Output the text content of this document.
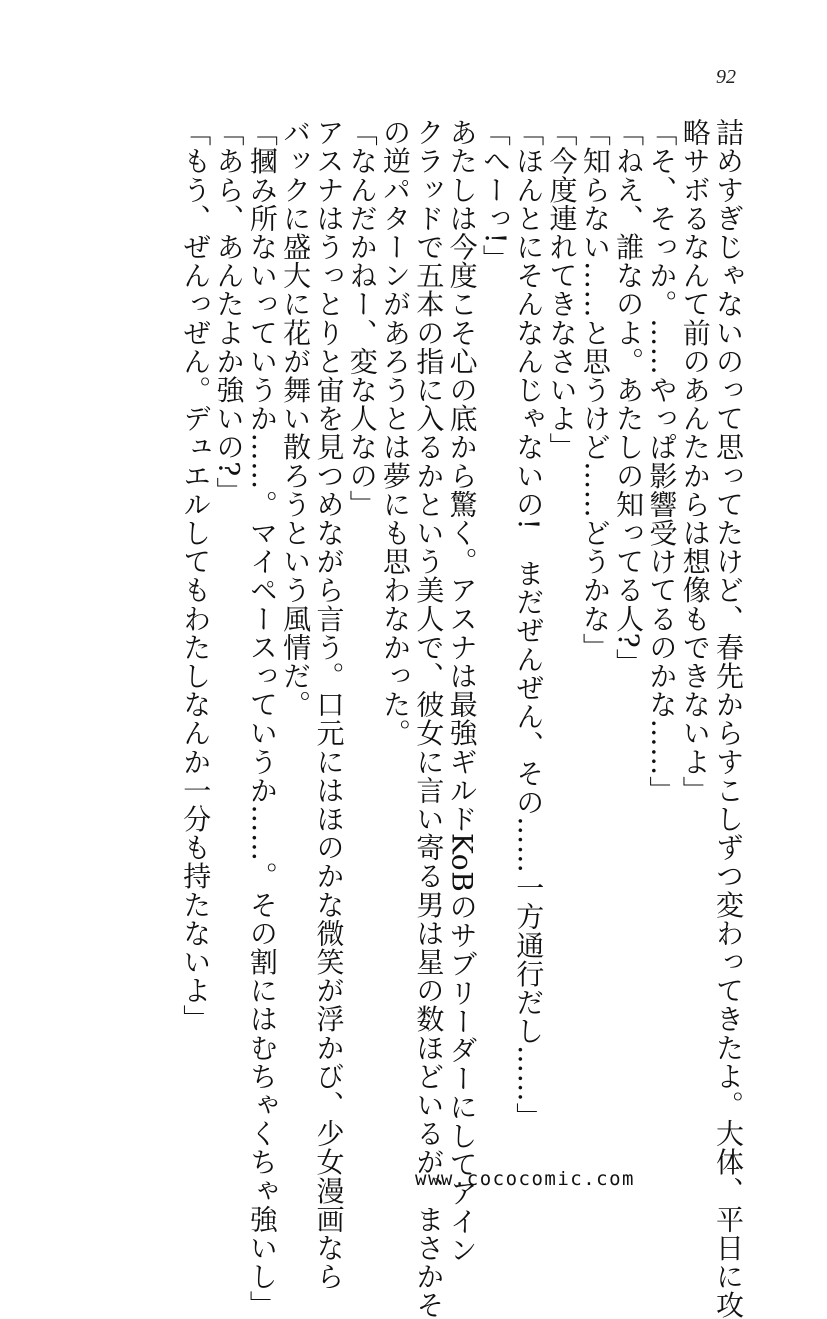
92
詰めすぎじゃないのって思ってたけど、春先からすこしずつ変わってきたよ。大体、平日に攻
略サボるなんて前のあんたからは想像もできないよ」
「そ、そっか。……やっぱ影響受けてるのかな……」
「ねえ、誰なのよ。あたしの知ってる人?」
「知らない……と思うけど……どうかな」
「今度連れてきなさいよ」
「ほんとにそんなんじゃないの!　まだぜんぜん、その……一方通行だし……」
「へーっ!」
あたしは今度こそ心の底から驚く。アスナは最強ギルドKoBのサブリーダーにしてアイン
クラッドで五本の指に入るかという美人で、彼女に言い寄る男は星の数ほどいるが、まさかそ
の逆パターンがあろうとは夢にも思わなかった。
「なんだかねー、変な人なの」
アスナはうっとりと宙を見つめながら言う。口元にはほのかな微笑が浮かび、少女漫画なら
バックに盛大に花が舞い散ろうという風情だ。
「摑み所ないっていうか……。マイペースっていうか……。その割にはむちゃくちゃ強いし」
「あら、あんたよか強いの?」
「もう、ぜんっぜん。デュエルしてもわたしなんか一分も持たないよ」
www.cococomic.com
